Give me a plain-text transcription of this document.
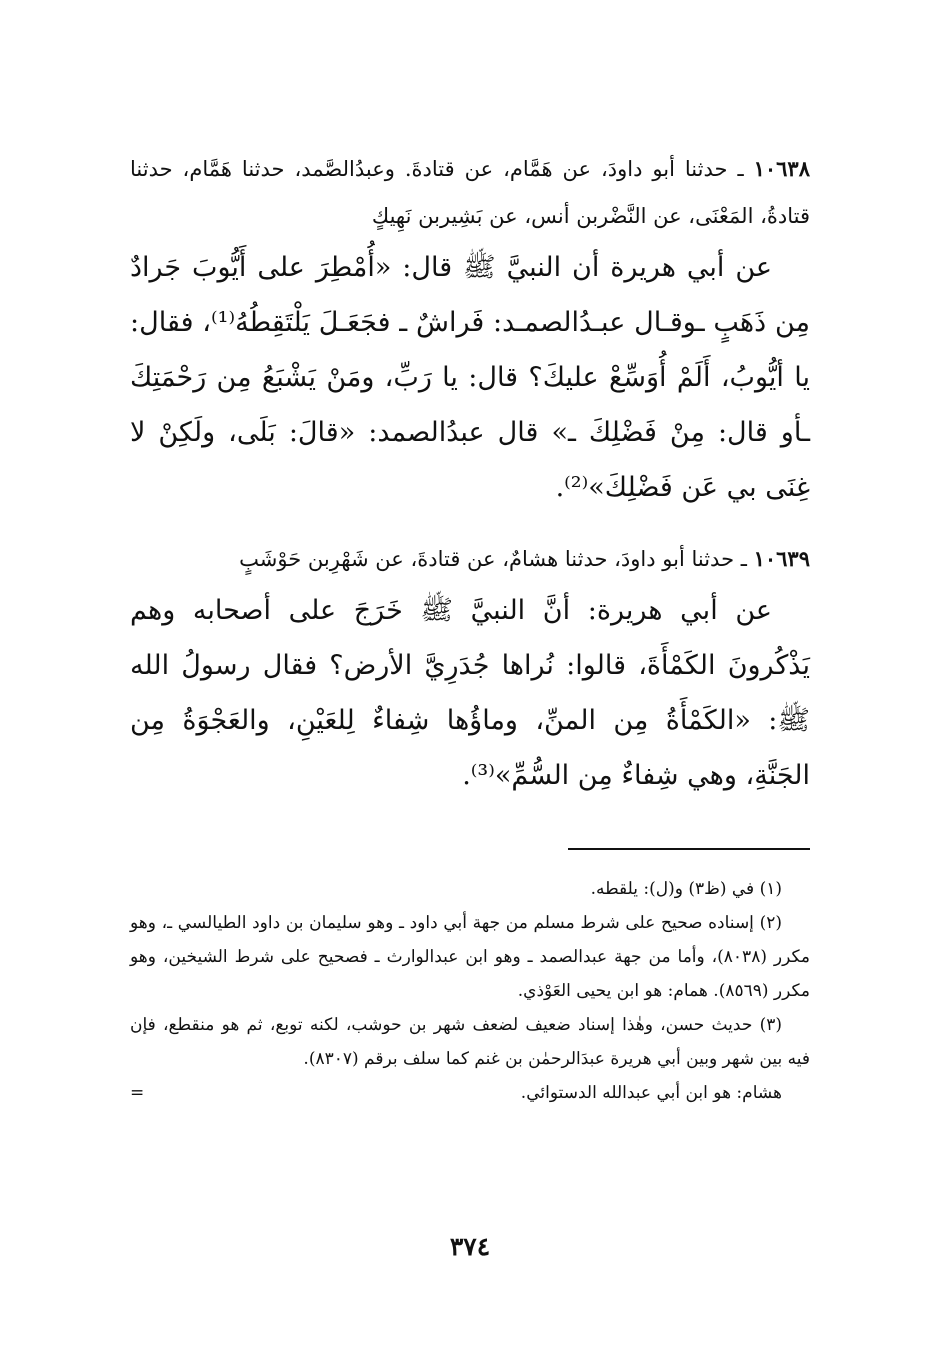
١٠٦٣٨ ـ حدثنا أبو داودَ، عن هَمَّام، عن قتادةَ. وعبدُالصَّمد، حدثنا هَمَّام، حدثنا قتادةُ، المَعْنَى، عن النَّضْربن أنس، عن بَشِيربن نَهِيكٍ

عن أبي هريرة أن النبيَّ ﷺ قال: «أُمْطِرَ على أَيُّوبَ جَرادٌ مِن ذَهَبٍ ـوقـال عبـدُالصمـد: فَراشٌ ـ فجَعَـلَ يَلْتَقِطُهُ⁽¹⁾، فقال: يا أيُّوبُ، أَلَمْ أُوَسِّعْ عليكَ؟ قال: يا رَبِّ، ومَنْ يَشْبَعُ مِن رَحْمَتِكَ ـأو قال: مِنْ فَضْلِكَ ـ» قال عبدُالصمد: «قالَ: بَلَى، ولَكِنْ لا غِنَى بي عَن فَضْلِكَ»⁽²⁾.

١٠٦٣٩ ـ حدثنا أبو داودَ، حدثنا هشامٌ، عن قتادةَ، عن شَهْرِبن حَوْشَبٍ

عن أبي هريرة: أنَّ النبيَّ ﷺ خَرَجَ على أصحابه وهم يَذْكُرونَ الكَمْأَةَ، قالوا: نُراها جُدَرِيَّ الأرض؟ فقال رسولُ الله ﷺ: «الكَمْأَةُ مِن المنِّ، وماؤُها شِفاءٌ لِلعَيْنِ، والعَجْوَةُ مِن الجَنَّةِ، وهي شِفاءٌ مِن السُّمِّ»⁽³⁾.

(١) في (ظ٣) و(ل): يلقطه.

(٢) إسناده صحيح على شرط مسلم من جهة أبي داود ـ وهو سليمان بن داود الطيالسي ـ، وهو مكرر (٨٠٣٨)، وأما من جهة عبدالصمد ـ وهو ابن عبدالوارث ـ فصحيح على شرط الشيخين، وهو مكرر (٨٥٦٩). همام: هو ابن يحيى العَوْذي.

(٣) حديث حسن، وهٰذا إسناد ضعيف لضعف شهر بن حوشب، لكنه توبع، ثم هو منقطع، فإن فيه بين شهر وبين أبي هريرة عبدَالرحمٰن بن غنم كما سلف برقم (٨٣٠٧).

هشام: هو ابن أبي عبدالله الدستوائي.
=

٣٧٤
